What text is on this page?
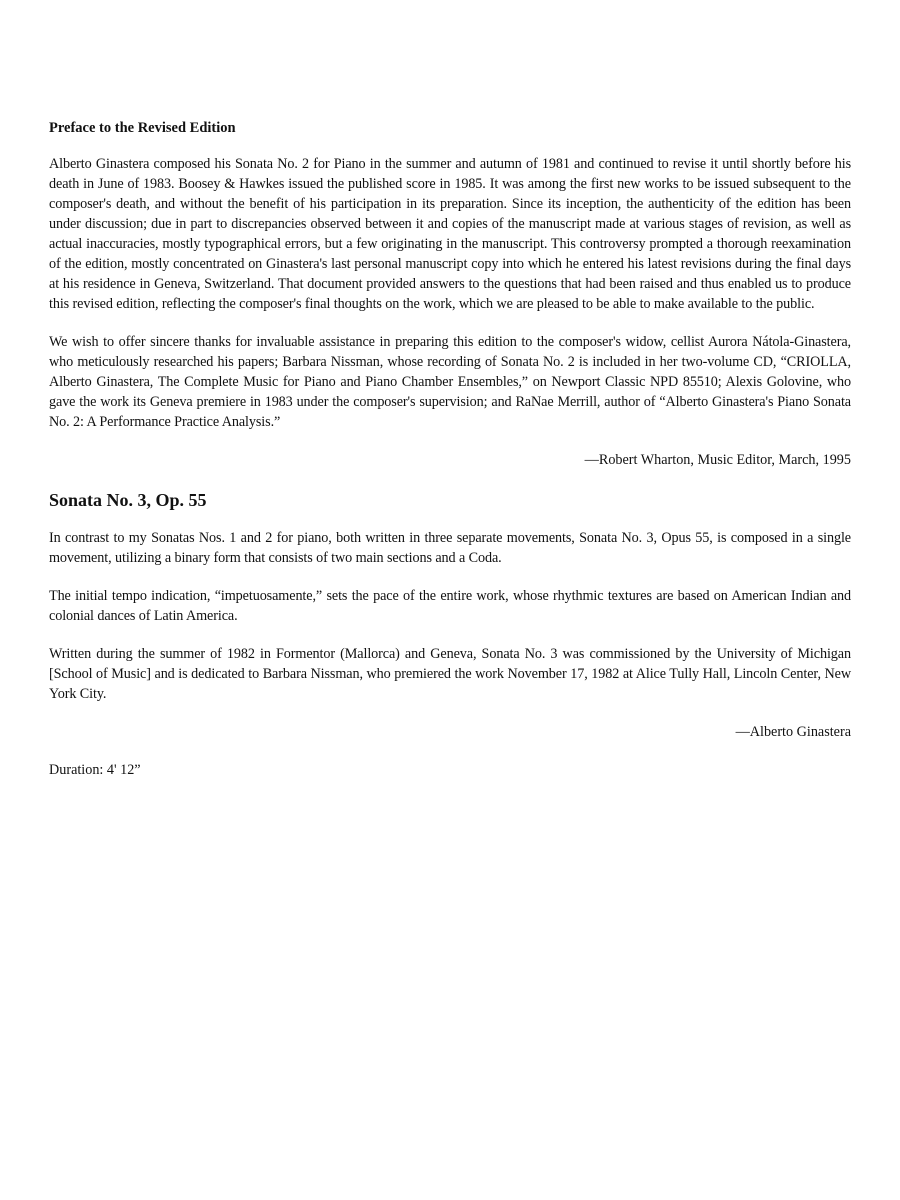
Preface to the Revised Edition

Alberto Ginastera composed his Sonata No. 2 for Piano in the summer and autumn of 1981 and continued to revise it until shortly before his death in June of 1983. Boosey & Hawkes issued the published score in 1985. It was among the first new works to be issued subsequent to the composer's death, and without the benefit of his participation in its preparation. Since its inception, the authenticity of the edition has been under discussion; due in part to discrepancies observed between it and copies of the manuscript made at various stages of revision, as well as actual inaccuracies, mostly typographical errors, but a few originating in the manuscript. This controversy prompted a thorough reexamination of the edition, mostly concentrated on Ginastera's last personal manuscript copy into which he entered his latest revisions during the final days at his residence in Geneva, Switzerland. That document provided answers to the questions that had been raised and thus enabled us to produce this revised edition, reflecting the composer's final thoughts on the work, which we are pleased to be able to make available to the public.

We wish to offer sincere thanks for invaluable assistance in preparing this edition to the composer's widow, cellist Aurora Nátola-Ginastera, who meticulously researched his papers; Barbara Nissman, whose recording of Sonata No. 2 is included in her two-volume CD, “CRIOLLA, Alberto Ginastera, The Complete Music for Piano and Piano Chamber Ensembles,” on Newport Classic NPD 85510; Alexis Golovine, who gave the work its Geneva premiere in 1983 under the composer's supervision; and RaNae Merrill, author of “Alberto Ginastera's Piano Sonata No. 2: A Performance Practice Analysis.”

—Robert Wharton, Music Editor, March, 1995
Sonata No. 3, Op. 55

In contrast to my Sonatas Nos. 1 and 2 for piano, both written in three separate movements, Sonata No. 3, Opus 55, is composed in a single movement, utilizing a binary form that consists of two main sections and a Coda.

The initial tempo indication, “impetuosamente,” sets the pace of the entire work, whose rhythmic textures are based on American Indian and colonial dances of Latin America.

Written during the summer of 1982 in Formentor (Mallorca) and Geneva, Sonata No. 3 was commissioned by the University of Michigan [School of Music] and is dedicated to Barbara Nissman, who premiered the work November 17, 1982 at Alice Tully Hall, Lincoln Center, New York City.

—Alberto Ginastera
Duration: 4' 12”
